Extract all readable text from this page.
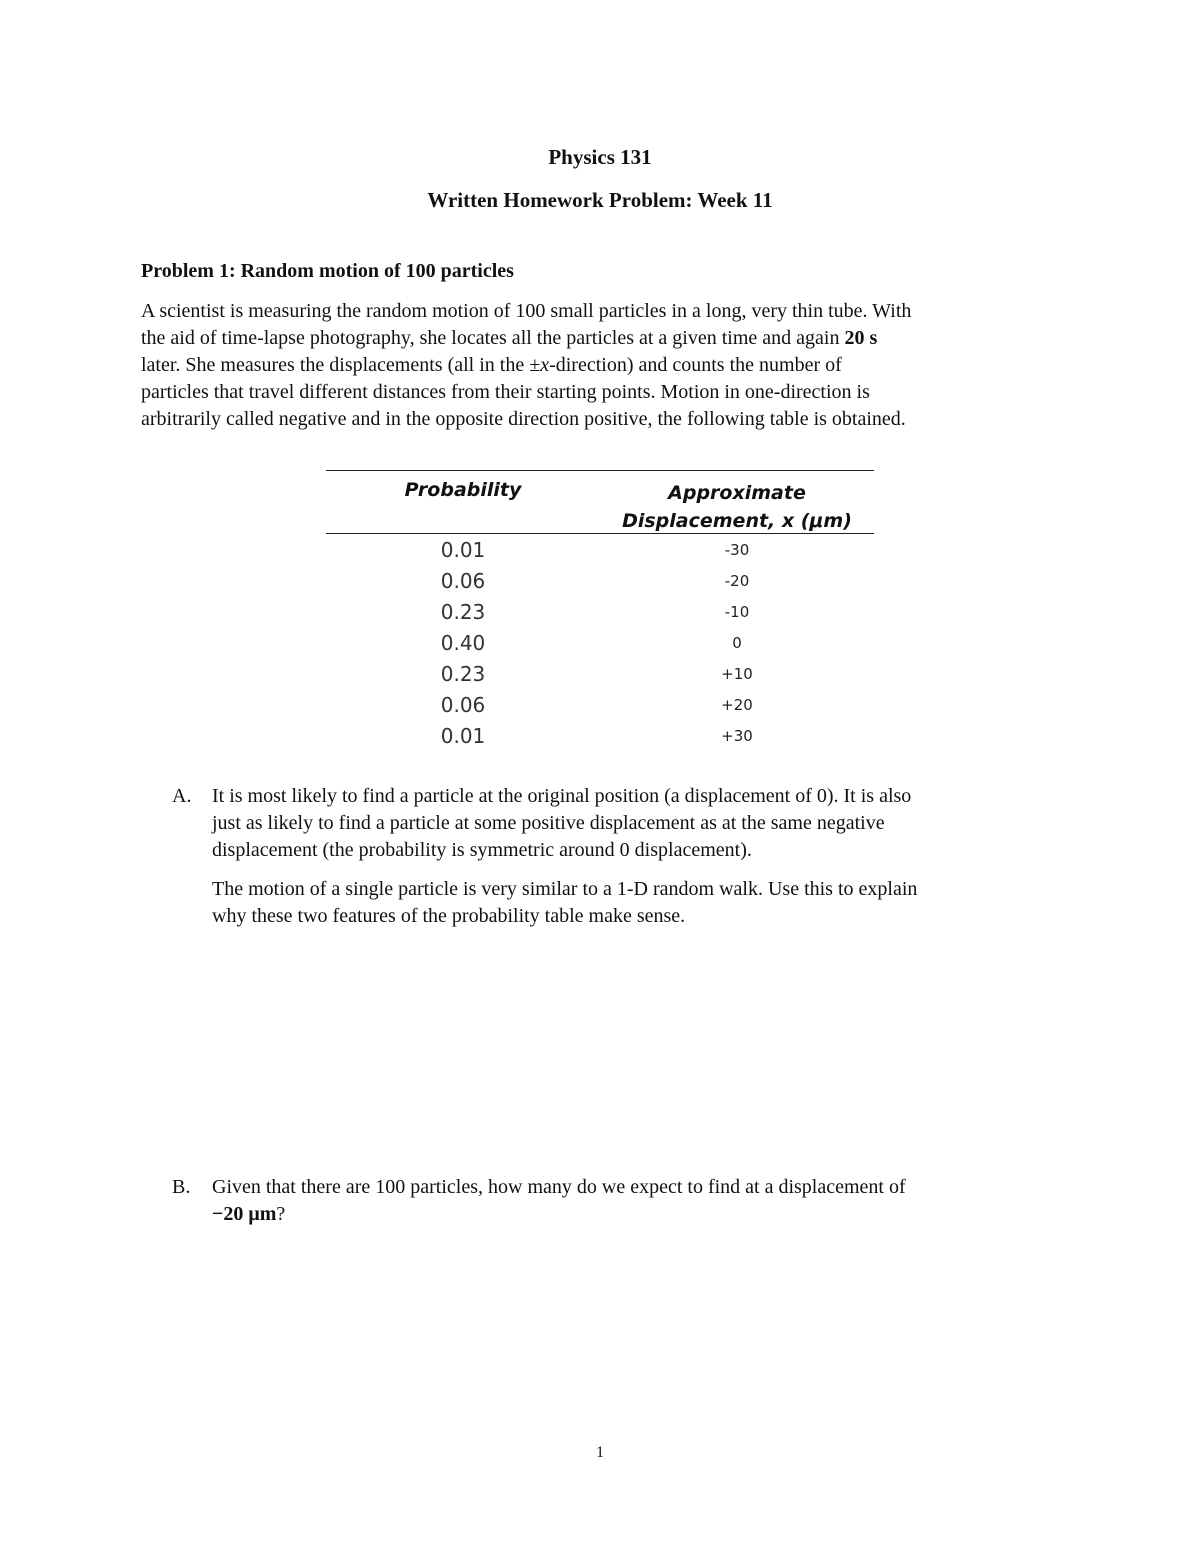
Physics 131
Written Homework Problem: Week 11
Problem 1: Random motion of 100 particles
A scientist is measuring the random motion of 100 small particles in a long, very thin tube. With
the aid of time-lapse photography, she locates all the particles at a given time and again 20 s
later. She measures the displacements (all in the ±x-direction) and counts the number of
particles that travel different distances from their starting points. Motion in one-direction is
arbitrarily called negative and in the opposite direction positive, the following table is obtained.
Probability	Approximate
Displacement, x (μm)
0.01	-30
0.06	-20
0.23	-10
0.40	0
0.23	+10
0.06	+20
0.01	+30
A.	It is most likely to find a particle at the original position (a displacement of 0). It is also
just as likely to find a particle at some positive displacement as at the same negative
displacement (the probability is symmetric around 0 displacement).
The motion of a single particle is very similar to a 1-D random walk. Use this to explain
why these two features of the probability table make sense.
B.	Given that there are 100 particles, how many do we expect to find at a displacement of
−20 μm?
1
